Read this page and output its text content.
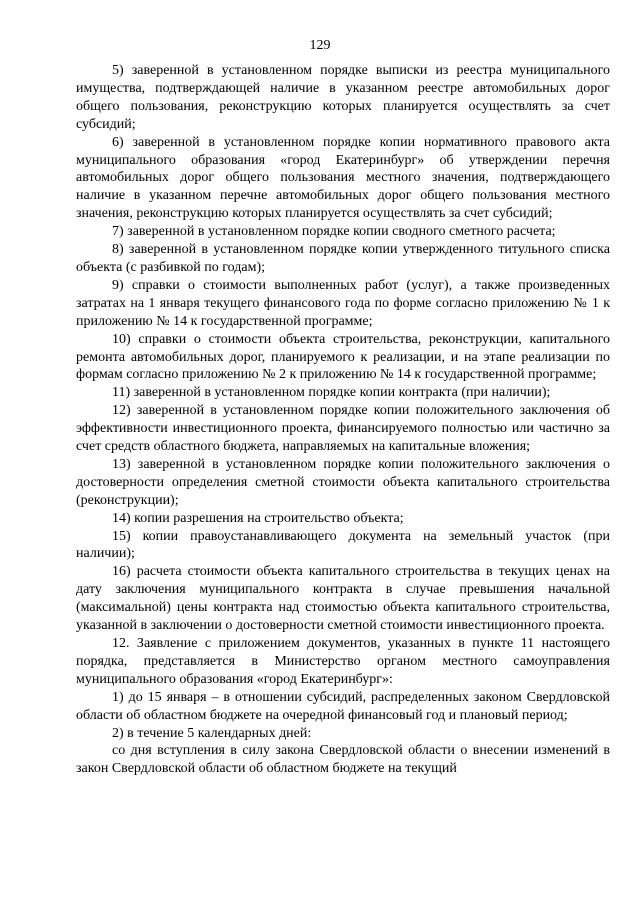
129

5) заверенной в установленном порядке выписки из реестра муниципального имущества, подтверждающей наличие в указанном реестре автомобильных дорог общего пользования, реконструкцию которых планируется осуществлять за счет субсидий;

6) заверенной в установленном порядке копии нормативного правового акта муниципального образования «город Екатеринбург» об утверждении перечня автомобильных дорог общего пользования местного значения, подтверждающего наличие в указанном перечне автомобильных дорог общего пользования местного значения, реконструкцию которых планируется осуществлять за счет субсидий;

7) заверенной в установленном порядке копии сводного сметного расчета;

8) заверенной в установленном порядке копии утвержденного титульного списка объекта (с разбивкой по годам);

9) справки о стоимости выполненных работ (услуг), а также произведенных затратах на 1 января текущего финансового года по форме согласно приложению № 1 к приложению № 14 к государственной программе;

10) справки о стоимости объекта строительства, реконструкции, капитального ремонта автомобильных дорог, планируемого к реализации, и на этапе реализации по формам согласно приложению № 2 к приложению № 14 к государственной программе;

11) заверенной в установленном порядке копии контракта (при наличии);

12) заверенной в установленном порядке копии положительного заключения об эффективности инвестиционного проекта, финансируемого полностью или частично за счет средств областного бюджета, направляемых на капитальные вложения;

13) заверенной в установленном порядке копии положительного заключения о достоверности определения сметной стоимости объекта капитального строительства (реконструкции);

14) копии разрешения на строительство объекта;

15) копии правоустанавливающего документа на земельный участок (при наличии);

16) расчета стоимости объекта капитального строительства в текущих ценах на дату заключения муниципального контракта в случае превышения начальной (максимальной) цены контракта над стоимостью объекта капитального строительства, указанной в заключении о достоверности сметной стоимости инвестиционного проекта.

12. Заявление с приложением документов, указанных в пункте 11 настоящего порядка, представляется в Министерство органом местного самоуправления муниципального образования «город Екатеринбург»:

1) до 15 января – в отношении субсидий, распределенных законом Свердловской области об областном бюджете на очередной финансовый год и плановый период;

2) в течение 5 календарных дней:

со дня вступления в силу закона Свердловской области о внесении изменений в закон Свердловской области об областном бюджете на текущий
